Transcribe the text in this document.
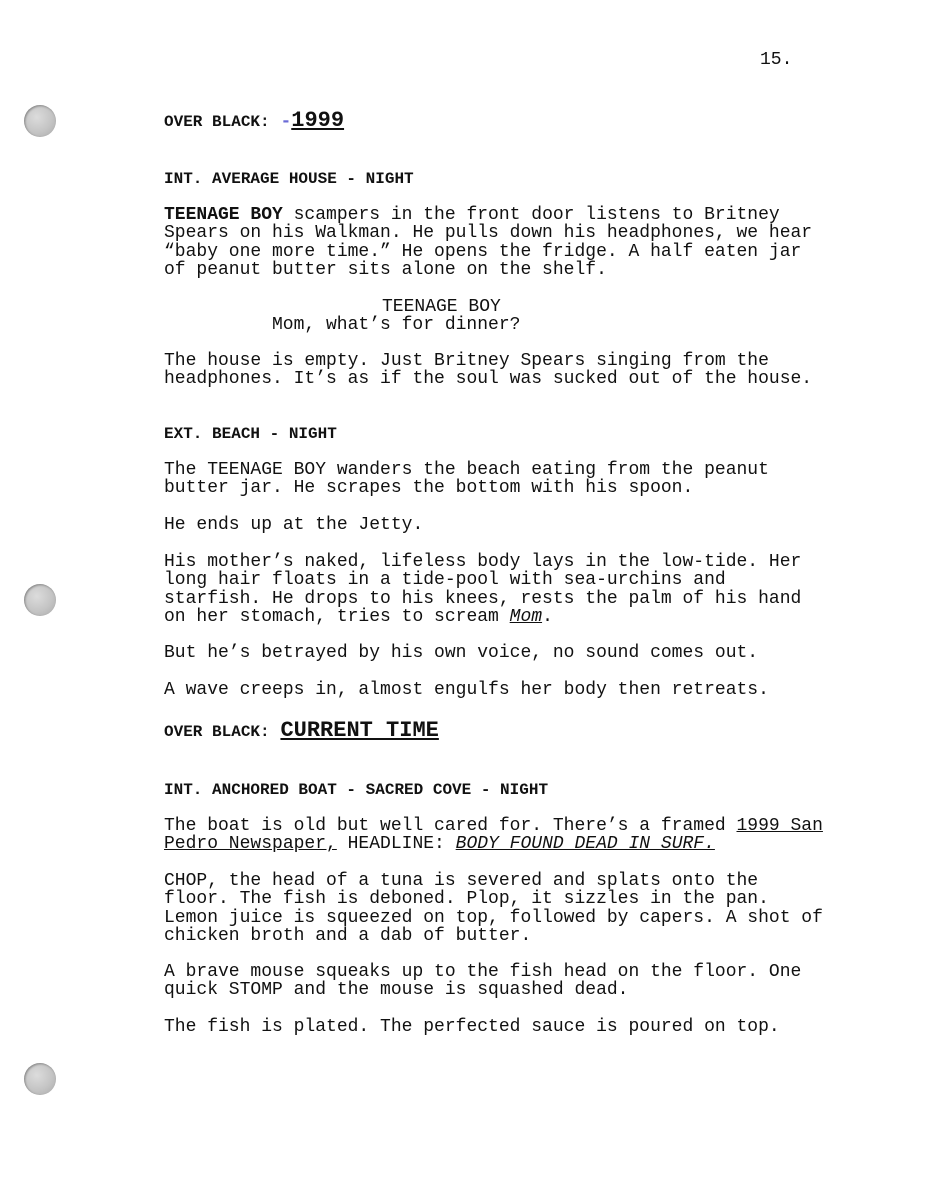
15.

OVER BLACK: -1999

INT. AVERAGE HOUSE - NIGHT

TEENAGE BOY scampers in the front door listens to Britney
Spears on his Walkman. He pulls down his headphones, we hear
“baby one more time.” He opens the fridge. A half eaten jar
of peanut butter sits alone on the shelf.

TEENAGE BOY

Mom, what’s for dinner?

The house is empty. Just Britney Spears singing from the
headphones. It’s as if the soul was sucked out of the house.

EXT. BEACH - NIGHT

The TEENAGE BOY wanders the beach eating from the peanut
butter jar. He scrapes the bottom with his spoon.

He ends up at the Jetty.

His mother’s naked, lifeless body lays in the low-tide. Her
long hair floats in a tide-pool with sea-urchins and
starfish. He drops to his knees, rests the palm of his hand
on her stomach, tries to scream Mom.

But he’s betrayed by his own voice, no sound comes out.

A wave creeps in, almost engulfs her body then retreats.

OVER BLACK: CURRENT TIME

INT. ANCHORED BOAT - SACRED COVE - NIGHT

The boat is old but well cared for. There’s a framed 1999 San
Pedro Newspaper, HEADLINE: BODY FOUND DEAD IN SURF.

CHOP, the head of a tuna is severed and splats onto the
floor. The fish is deboned. Plop, it sizzles in the pan.
Lemon juice is squeezed on top, followed by capers. A shot of
chicken broth and a dab of butter.

A brave mouse squeaks up to the fish head on the floor. One
quick STOMP and the mouse is squashed dead.

The fish is plated. The perfected sauce is poured on top.
